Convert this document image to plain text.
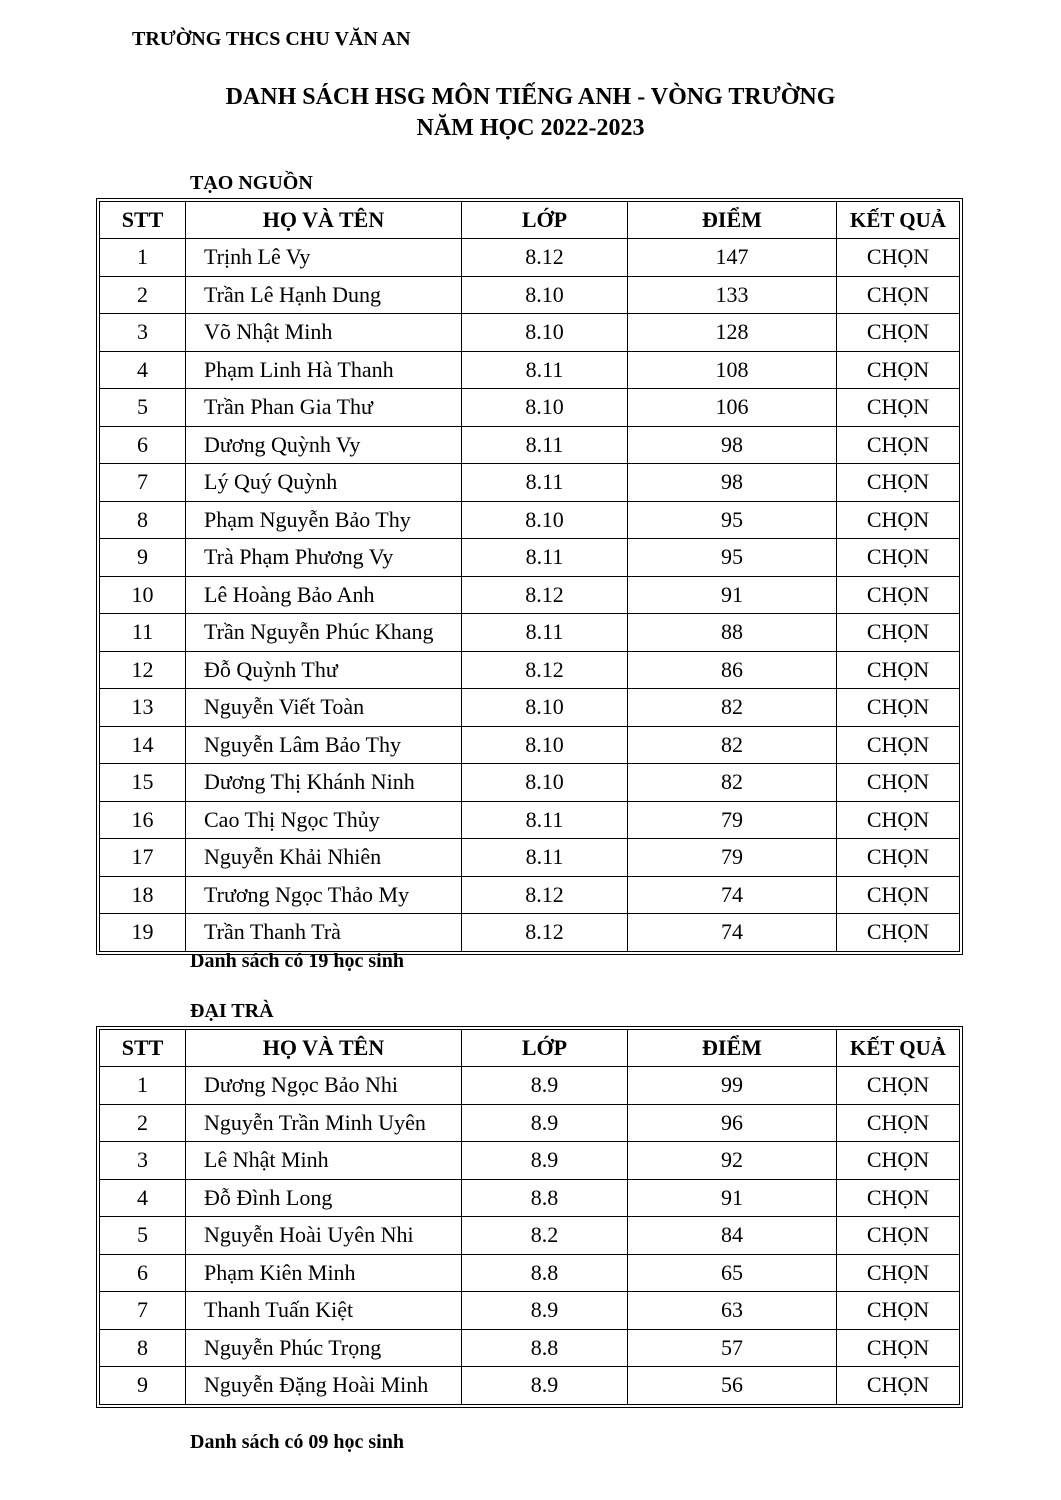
TRƯỜNG THCS CHU VĂN AN
DANH SÁCH HSG MÔN TIẾNG ANH - VÒNG TRƯỜNG
NĂM HỌC 2022-2023
TẠO NGUỒN
STT	HỌ VÀ TÊN	LỚP	ĐIỂM	KẾT QUẢ
1	Trịnh Lê Vy	8.12	147	CHỌN
2	Trần Lê Hạnh Dung	8.10	133	CHỌN
3	Võ Nhật Minh	8.10	128	CHỌN
4	Phạm Linh Hà Thanh	8.11	108	CHỌN
5	Trần Phan Gia Thư	8.10	106	CHỌN
6	Dương Quỳnh Vy	8.11	98	CHỌN
7	Lý Quý Quỳnh	8.11	98	CHỌN
8	Phạm Nguyễn Bảo Thy	8.10	95	CHỌN
9	Trà Phạm Phương Vy	8.11	95	CHỌN
10	Lê Hoàng Bảo Anh	8.12	91	CHỌN
11	Trần Nguyễn Phúc Khang	8.11	88	CHỌN
12	Đỗ Quỳnh Thư	8.12	86	CHỌN
13	Nguyễn Viết Toàn	8.10	82	CHỌN
14	Nguyễn Lâm Bảo Thy	8.10	82	CHỌN
15	Dương Thị Khánh Ninh	8.10	82	CHỌN
16	Cao Thị Ngọc Thủy	8.11	79	CHỌN
17	Nguyễn Khải Nhiên	8.11	79	CHỌN
18	Trương Ngọc Thảo My	8.12	74	CHỌN
19	Trần Thanh Trà	8.12	74	CHỌN
Danh sách có 19 học sinh
ĐẠI TRÀ
STT	HỌ VÀ TÊN	LỚP	ĐIỂM	KẾT QUẢ
1	Dương Ngọc Bảo Nhi	8.9	99	CHỌN
2	Nguyễn Trần Minh Uyên	8.9	96	CHỌN
3	Lê Nhật Minh	8.9	92	CHỌN
4	Đỗ Đình Long	8.8	91	CHỌN
5	Nguyễn Hoài Uyên Nhi	8.2	84	CHỌN
6	Phạm Kiên Minh	8.8	65	CHỌN
7	Thanh Tuấn Kiệt	8.9	63	CHỌN
8	Nguyễn Phúc Trọng	8.8	57	CHỌN
9	Nguyễn Đặng Hoài Minh	8.9	56	CHỌN
Danh sách có 09 học sinh
